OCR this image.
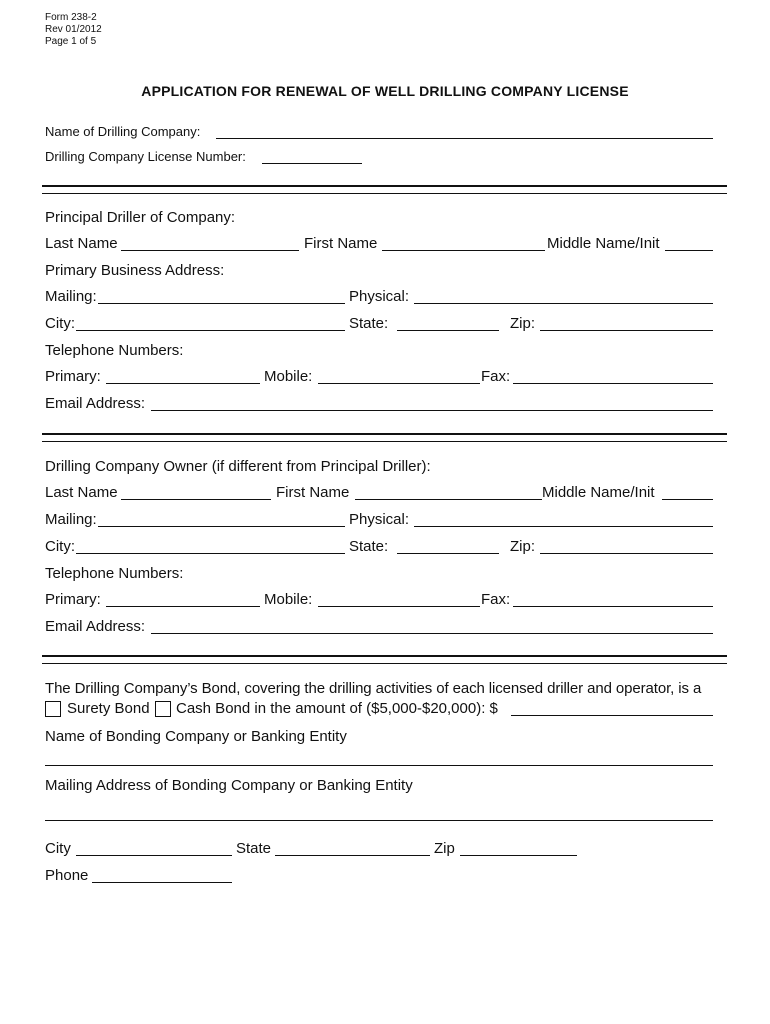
Form 238-2
Rev 01/2012
Page 1 of 5
APPLICATION FOR RENEWAL OF WELL DRILLING COMPANY LICENSE
Name of Drilling Company:
Drilling Company License Number:
Principal Driller of Company:
Last Name	First Name	Middle Name/Init
Primary Business Address:
Mailing:	Physical:
City:	State:	Zip:
Telephone Numbers:
Primary:	Mobile:	Fax:
Email Address:
Drilling Company Owner (if different from Principal Driller):
Last Name	First Name	Middle Name/Init
Mailing:	Physical:
City:	State:	Zip:
Telephone Numbers:
Primary:	Mobile:	Fax:
Email Address:
The Drilling Company’s Bond, covering the drilling activities of each licensed driller and operator, is a
Surety Bond Cash Bond in the amount of ($5,000-$20,000): $
Name of Bonding Company or Banking Entity
Mailing Address of Bonding Company or Banking Entity
City	State	Zip
Phone
